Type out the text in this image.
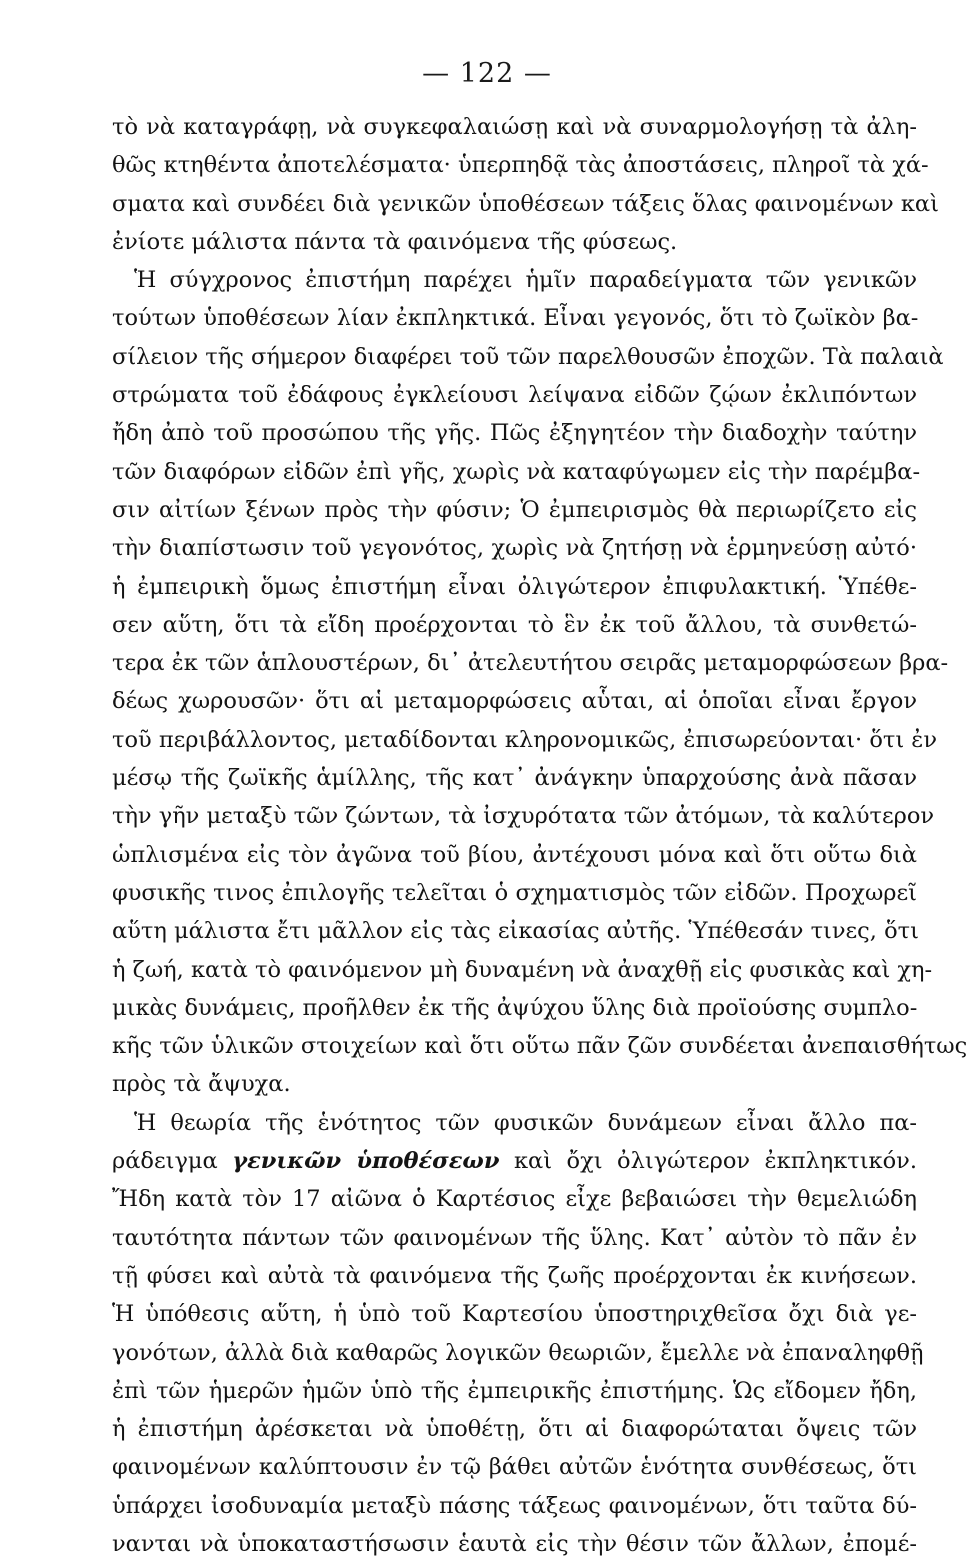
— 122 —
τὸ νὰ καταγράφῃ, νὰ συγκεφαλαιώσῃ καὶ νὰ συναρμολογήσῃ τὰ ἀλη-
θῶς κτηθέντα ἀποτελέσματα· ὑπερπηδᾷ τὰς ἀποστάσεις, πληροῖ τὰ χά-
σματα καὶ συνδέει διὰ γενικῶν ὑποθέσεων τάξεις ὅλας φαινομένων καὶ
ἐνίοτε μάλιστα πάντα τὰ φαινόμενα τῆς φύσεως.
Ἡ σύγχρονος ἐπιστήμη παρέχει ἡμῖν παραδείγματα τῶν γενικῶν
τούτων ὑποθέσεων λίαν ἐκπληκτικά. Εἶναι γεγονός, ὅτι τὸ ζωϊκὸν βα-
σίλειον τῆς σήμερον διαφέρει τοῦ τῶν παρελθουσῶν ἐποχῶν. Τὰ παλαιὰ
στρώματα τοῦ ἐδάφους ἐγκλείουσι λείψανα εἰδῶν ζῴων ἐκλιπόντων
ἤδη ἀπὸ τοῦ προσώπου τῆς γῆς. Πῶς ἐξηγητέον τὴν διαδοχὴν ταύτην
τῶν διαφόρων εἰδῶν ἐπὶ γῆς, χωρὶς νὰ καταφύγωμεν εἰς τὴν παρέμβα-
σιν αἰτίων ξένων πρὸς τὴν φύσιν; Ὁ ἐμπειρισμὸς θὰ περιωρίζετο εἰς
τὴν διαπίστωσιν τοῦ γεγονότος, χωρὶς νὰ ζητήσῃ νὰ ἑρμηνεύσῃ αὐτό·
ἡ ἐμπειρικὴ ὅμως ἐπιστήμη εἶναι ὀλιγώτερον ἐπιφυλακτική. Ὑπέθε-
σεν αὕτη, ὅτι τὰ εἴδη προέρχονται τὸ ἓν ἐκ τοῦ ἄλλου, τὰ συνθετώ-
τερα ἐκ τῶν ἁπλουστέρων, δι᾽ ἀτελευτήτου σειρᾶς μεταμορφώσεων βρα-
δέως χωρουσῶν· ὅτι αἱ μεταμορφώσεις αὗται, αἱ ὁποῖαι εἶναι ἔργον
τοῦ περιβάλλοντος, μεταδίδονται κληρονομικῶς, ἐπισωρεύονται· ὅτι ἐν
μέσῳ τῆς ζωϊκῆς ἁμίλλης, τῆς κατ᾽ ἀνάγκην ὑπαρχούσης ἀνὰ πᾶσαν
τὴν γῆν μεταξὺ τῶν ζώντων, τὰ ἰσχυρότατα τῶν ἀτόμων, τὰ καλύτερον
ὡπλισμένα εἰς τὸν ἀγῶνα τοῦ βίου, ἀντέχουσι μόνα καὶ ὅτι οὕτω διὰ
φυσικῆς τινος ἐπιλογῆς τελεῖται ὁ σχηματισμὸς τῶν εἰδῶν. Προχωρεῖ
αὕτη μάλιστα ἔτι μᾶλλον εἰς τὰς εἰκασίας αὐτῆς. Ὑπέθεσάν τινες, ὅτι
ἡ ζωή, κατὰ τὸ φαινόμενον μὴ δυναμένη νὰ ἀναχθῇ εἰς φυσικὰς καὶ χη-
μικὰς δυνάμεις, προῆλθεν ἐκ τῆς ἀψύχου ὕλης διὰ προϊούσης συμπλο-
κῆς τῶν ὑλικῶν στοιχείων καὶ ὅτι οὕτω πᾶν ζῶν συνδέεται ἀνεπαισθήτως
πρὸς τὰ ἄψυχα.
Ἡ θεωρία τῆς ἑνότητος τῶν φυσικῶν δυνάμεων εἶναι ἄλλο πα-
ράδειγμα γενικῶν ὑποθέσεων καὶ ὄχι ὀλιγώτερον ἐκπληκτικόν.
Ἤδη κατὰ τὸν 17 αἰῶνα ὁ Καρτέσιος εἶχε βεβαιώσει τὴν θεμελιώδη
ταυτότητα πάντων τῶν φαινομένων τῆς ὕλης. Κατ᾽ αὐτὸν τὸ πᾶν ἐν
τῇ φύσει καὶ αὐτὰ τὰ φαινόμενα τῆς ζωῆς προέρχονται ἐκ κινήσεων.
Ἡ ὑπόθεσις αὕτη, ἡ ὑπὸ τοῦ Καρτεσίου ὑποστηριχθεῖσα ὄχι διὰ γε-
γονότων, ἀλλὰ διὰ καθαρῶς λογικῶν θεωριῶν, ἔμελλε νὰ ἐπαναληφθῇ
ἐπὶ τῶν ἡμερῶν ἡμῶν ὑπὸ τῆς ἐμπειρικῆς ἐπιστήμης. Ὡς εἴδομεν ἤδη,
ἡ ἐπιστήμη ἀρέσκεται νὰ ὑποθέτῃ, ὅτι αἱ διαφορώταται ὄψεις τῶν
φαινομένων καλύπτουσιν ἐν τῷ βάθει αὐτῶν ἑνότητα συνθέσεως, ὅτι
ὑπάρχει ἰσοδυναμία μεταξὺ πάσης τάξεως φαινομένων, ὅτι ταῦτα δύ-
νανται νὰ ὑποκαταστήσωσιν ἑαυτὰ εἰς τὴν θέσιν τῶν ἄλλων, ἐπομέ-
